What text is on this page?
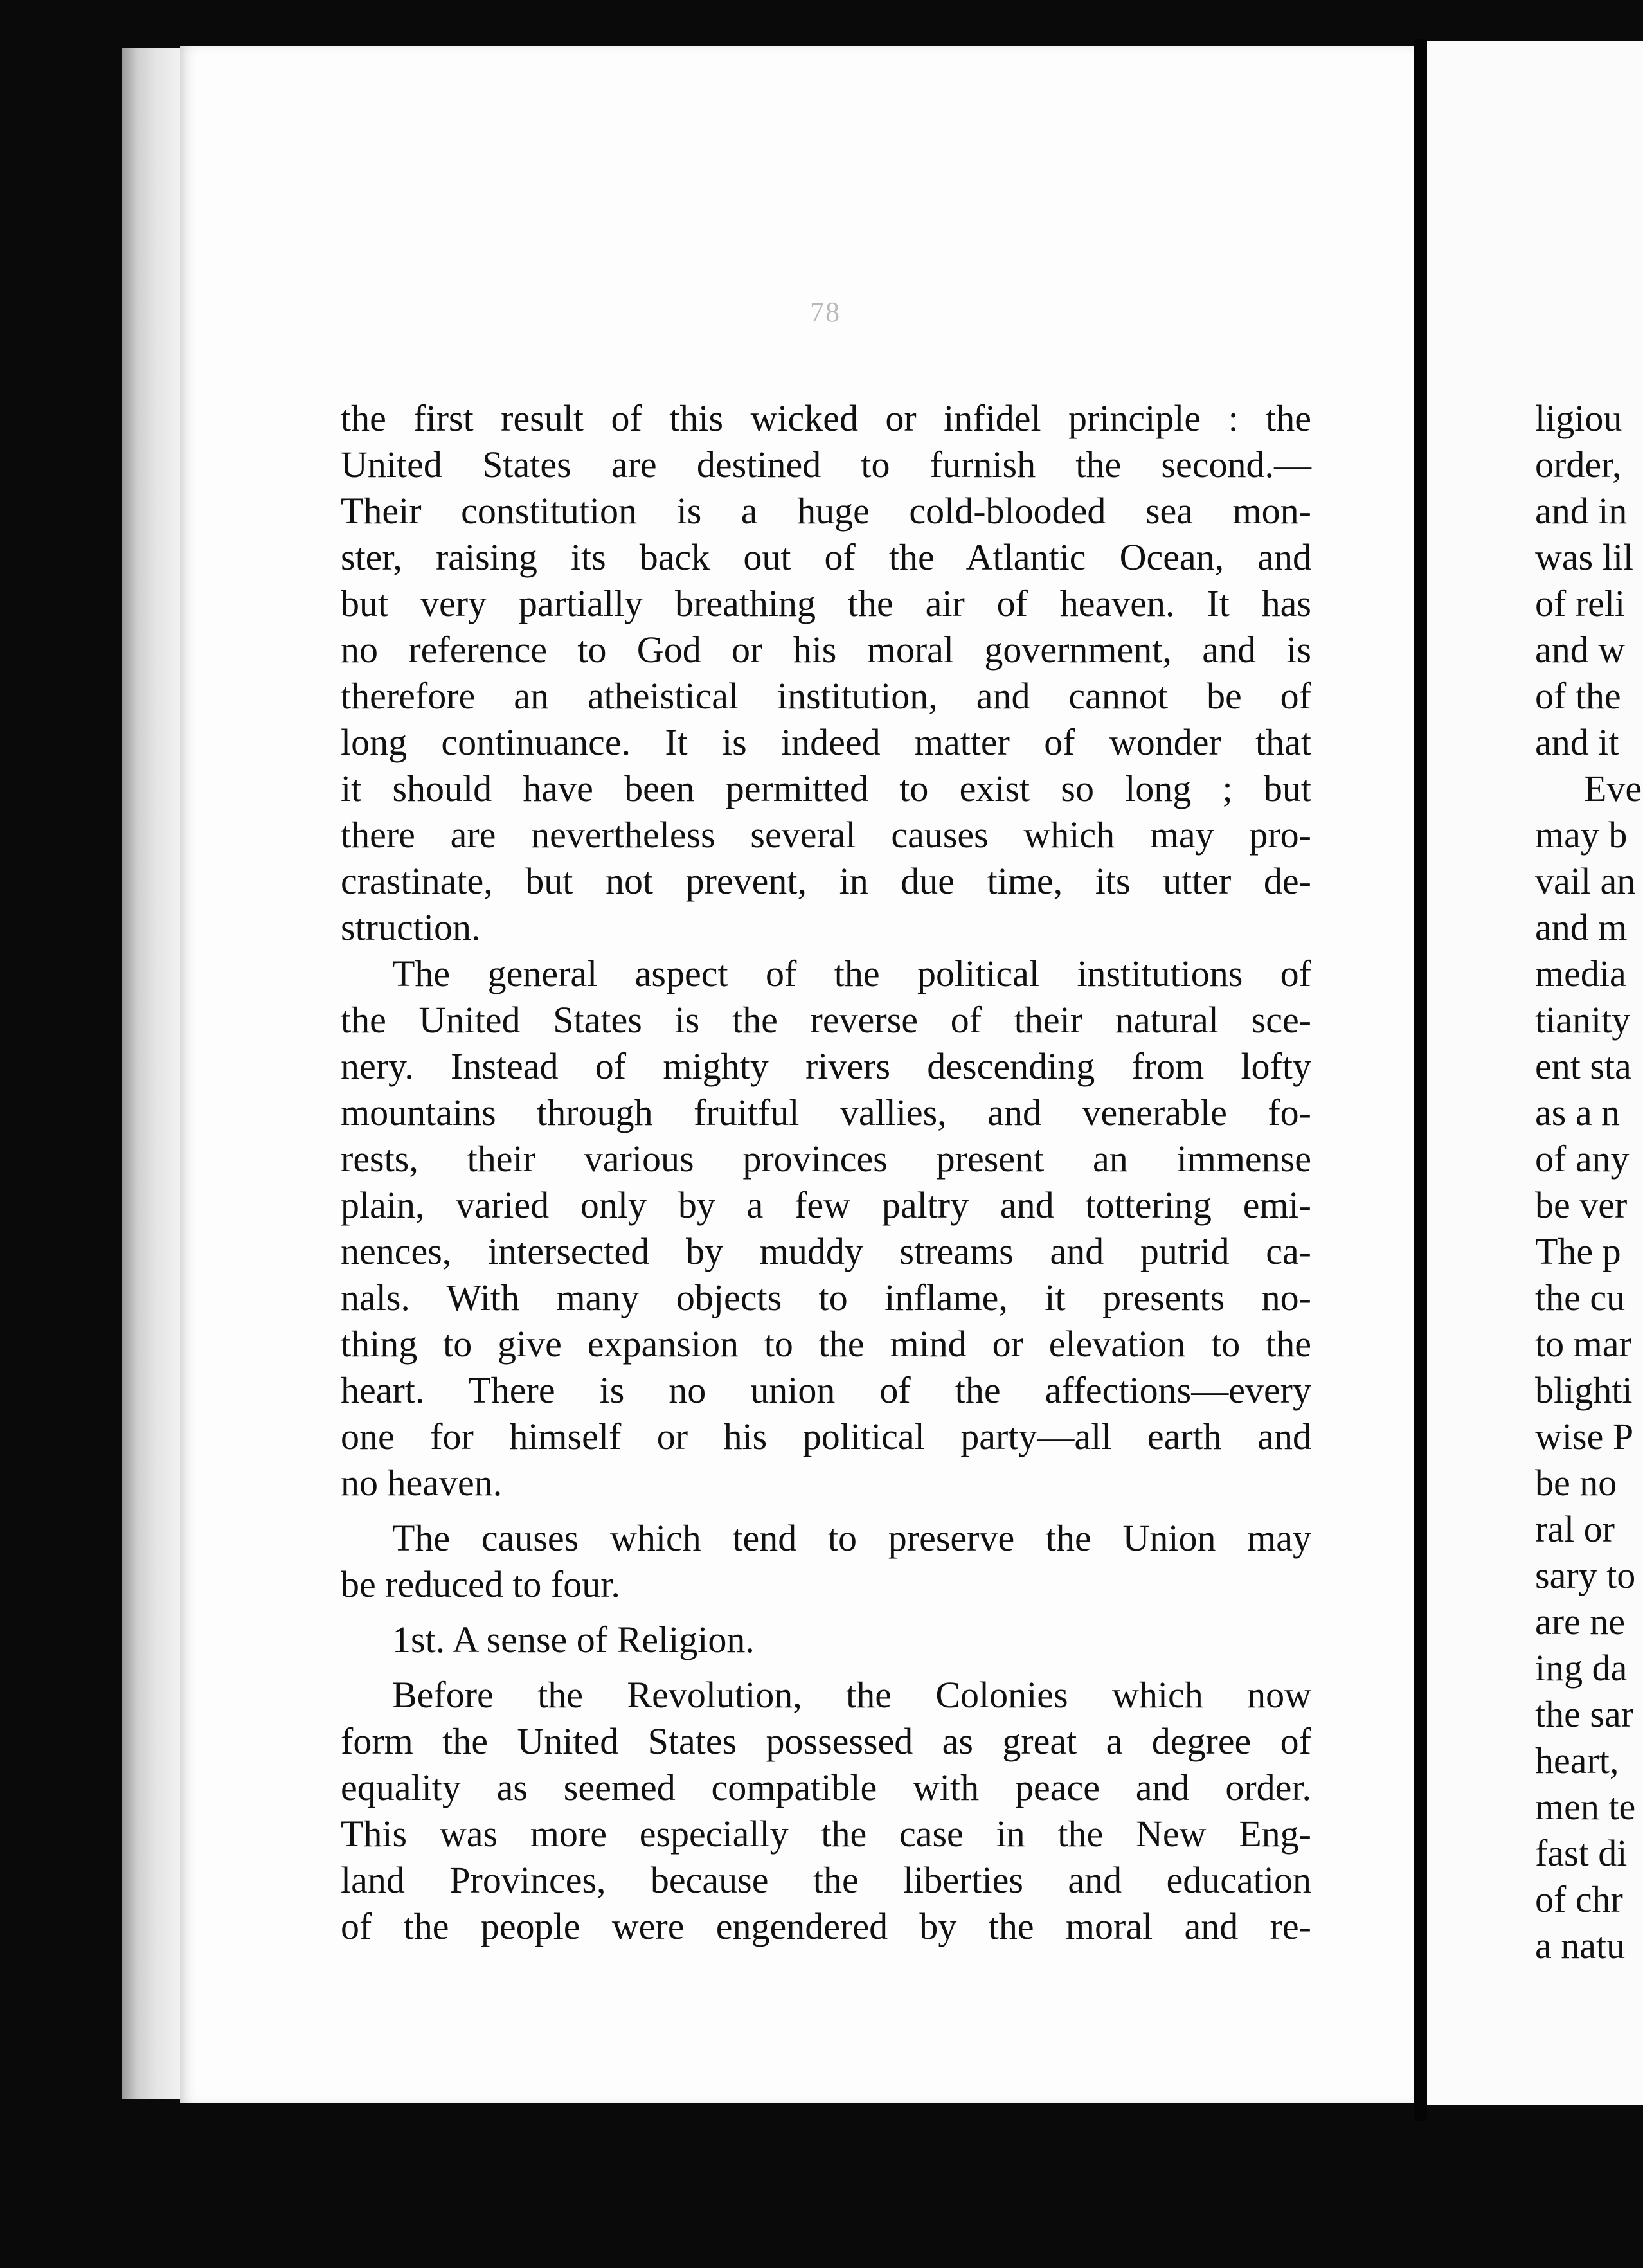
78
the first result of this wicked or infidel principle : the
United States are destined to furnish the second.—
Their constitution is a huge cold-blooded sea mon-
ster, raising its back out of the Atlantic Ocean, and
but very partially breathing the air of heaven. It has
no reference to God or his moral government, and is
therefore an atheistical institution, and cannot be of
long continuance. It is indeed matter of wonder that
it should have been permitted to exist so long ; but
there are nevertheless several causes which may pro-
crastinate, but not prevent, in due time, its utter de-
struction.
The general aspect of the political institutions of
the United States is the reverse of their natural sce-
nery. Instead of mighty rivers descending from lofty
mountains through fruitful vallies, and venerable fo-
rests, their various provinces present an immense
plain, varied only by a few paltry and tottering emi-
nences, intersected by muddy streams and putrid ca-
nals. With many objects to inflame, it presents no-
thing to give expansion to the mind or elevation to the
heart. There is no union of the affections—every
one for himself or his political party—all earth and
no heaven.
The causes which tend to preserve the Union may
be reduced to four.
1st. A sense of Religion.
Before the Revolution, the Colonies which now
form the United States possessed as great a degree of
equality as seemed compatible with peace and order.
This was more especially the case in the New Eng-
land Provinces, because the liberties and education
of the people were engendered by the moral and re-
ligiou
order,
and in
was lil
of reli
and w
of the
and it
Eve
may b
vail an
and m
media
tianity
ent sta
as a n
of any
be ver
The p
the cu
to mar
blighti
wise P
be no
ral or
sary to
are ne
ing da
the sar
heart,
men te
fast di
of chr
a natu
